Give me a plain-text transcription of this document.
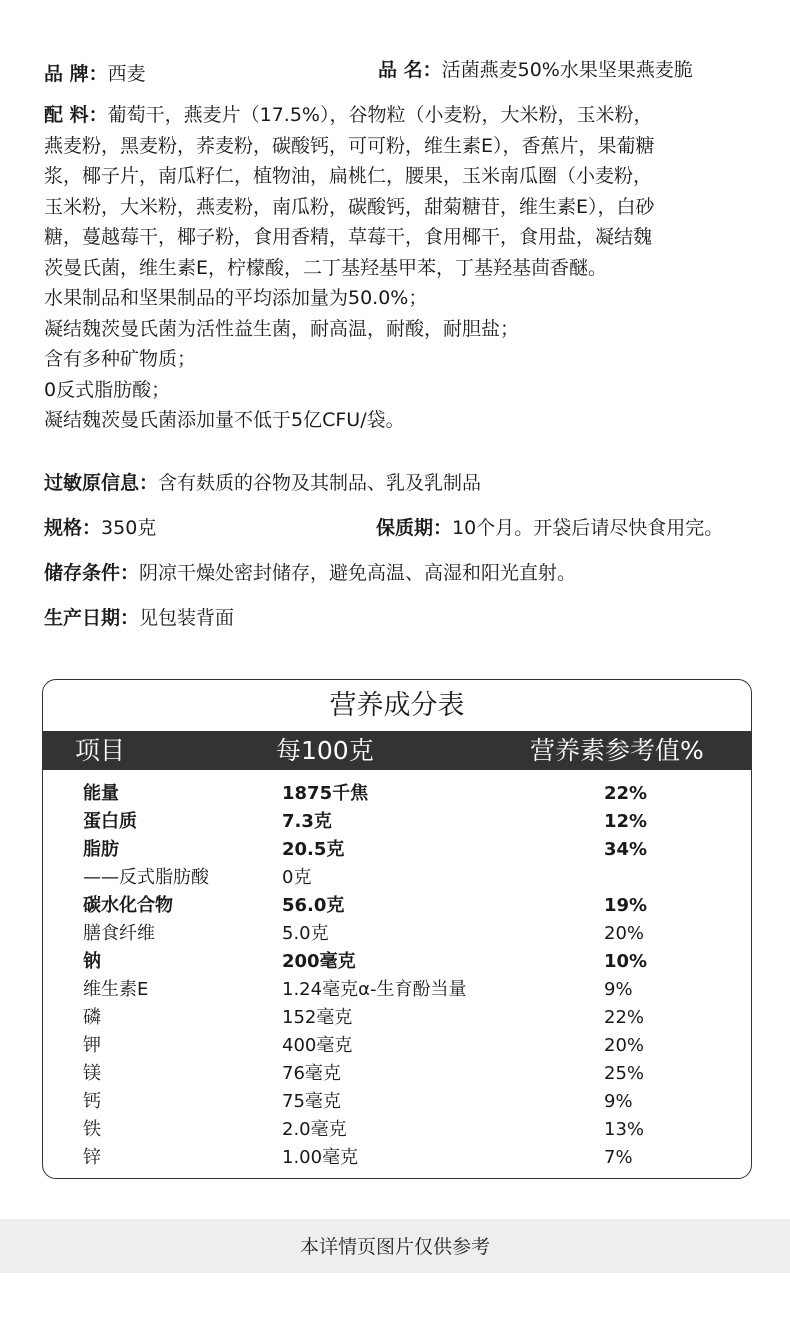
品 牌：西麦	品 名：活菌燕麦50%水果坚果燕麦脆
配 料：葡萄干，燕麦片（17.5%），谷物粒（小麦粉，大米粉，玉米粉，
燕麦粉，黑麦粉，荞麦粉，碳酸钙，可可粉，维生素E），香蕉片，果葡糖
浆，椰子片，南瓜籽仁，植物油，扁桃仁，腰果，玉米南瓜圈（小麦粉，
玉米粉，大米粉，燕麦粉，南瓜粉，碳酸钙，甜菊糖苷，维生素E），白砂
糖，蔓越莓干，椰子粉，食用香精，草莓干，食用椰干，食用盐，凝结魏
茨曼氏菌，维生素E，柠檬酸，二丁基羟基甲苯，丁基羟基茴香醚。
水果制品和坚果制品的平均添加量为50.0%；
凝结魏茨曼氏菌为活性益生菌，耐高温，耐酸，耐胆盐；
含有多种矿物质；
0反式脂肪酸；
凝结魏茨曼氏菌添加量不低于5亿CFU/袋。
过敏原信息：含有麸质的谷物及其制品、乳及乳制品
规格：350克	保质期：10个月。开袋后请尽快食用完。
储存条件：阴凉干燥处密封储存，避免高温、高湿和阳光直射。
生产日期：见包装背面
营养成分表
项目	每100克	营养素参考值%
能量	1875千焦	22%
蛋白质	7.3克	12%
脂肪	20.5克	34%
——反式脂肪酸	0克
碳水化合物	56.0克	19%
膳食纤维	5.0克	20%
钠	200毫克	10%
维生素E	1.24毫克α-生育酚当量	9%
磷	152毫克	22%
钾	400毫克	20%
镁	76毫克	25%
钙	75毫克	9%
铁	2.0毫克	13%
锌	1.00毫克	7%
本详情页图片仅供参考
